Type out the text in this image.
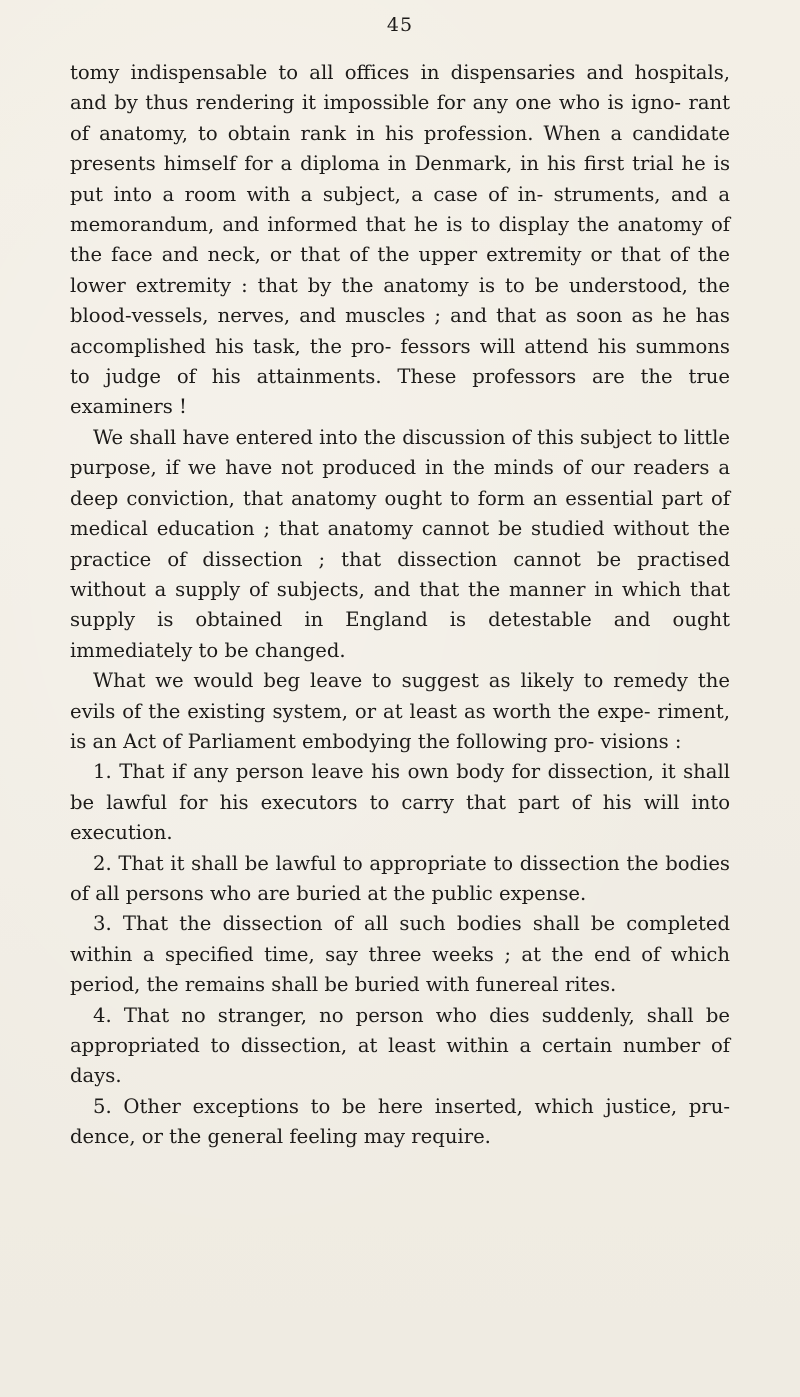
45

tomy indispensable to all offices in dispensaries and hospitals, and by thus rendering it impossible for any one who is igno- rant of anatomy, to obtain rank in his profession. When a candidate presents himself for a diploma in Denmark, in his first trial he is put into a room with a subject, a case of in- struments, and a memorandum, and informed that he is to display the anatomy of the face and neck, or that of the upper extremity or that of the lower extremity : that by the anatomy is to be understood, the blood-vessels, nerves, and muscles ; and that as soon as he has accomplished his task, the pro- fessors will attend his summons to judge of his attainments. These professors are the true examiners !

We shall have entered into the discussion of this subject to little purpose, if we have not produced in the minds of our readers a deep conviction, that anatomy ought to form an essential part of medical education ; that anatomy cannot be studied without the practice of dissection ; that dissection cannot be practised without a supply of subjects, and that the manner in which that supply is obtained in England is detestable and ought immediately to be changed.

What we would beg leave to suggest as likely to remedy the evils of the existing system, or at least as worth the expe- riment, is an Act of Parliament embodying the following pro- visions :

1. That if any person leave his own body for dissection, it shall be lawful for his executors to carry that part of his will into execution.

2. That it shall be lawful to appropriate to dissection the bodies of all persons who are buried at the public expense.

3. That the dissection of all such bodies shall be completed within a specified time, say three weeks ; at the end of which period, the remains shall be buried with funereal rites.

4. That no stranger, no person who dies suddenly, shall be appropriated to dissection, at least within a certain number of days.

5. Other exceptions to be here inserted, which justice, pru- dence, or the general feeling may require.
